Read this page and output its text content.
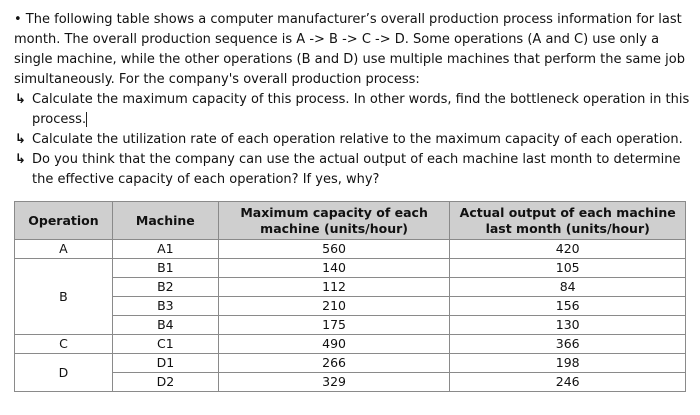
• The following table shows a computer manufacturer’s overall production process information for last month. The overall production sequence is A -> B -> C -> D. Some operations (A and C) use only a single machine, while the other operations (B and D) use multiple machines that perform the same job simultaneously. For the company's overall production process:

↳ Calculate the maximum capacity of this process. In other words, find the bottleneck operation in this process.

↳ Calculate the utilization rate of each operation relative to the maximum capacity of each operation.

↳ Do you think that the company can use the actual output of each machine last month to determine the effective capacity of each operation? If yes, why?

Operation	Machine	Maximum capacity of each machine (units/hour)	Actual output of each machine last month (units/hour)
A	A1	560	420
B	B1	140	105
	B2	112	84
	B3	210	156
	B4	175	130
C	C1	490	366
D	D1	266	198
	D2	329	246
